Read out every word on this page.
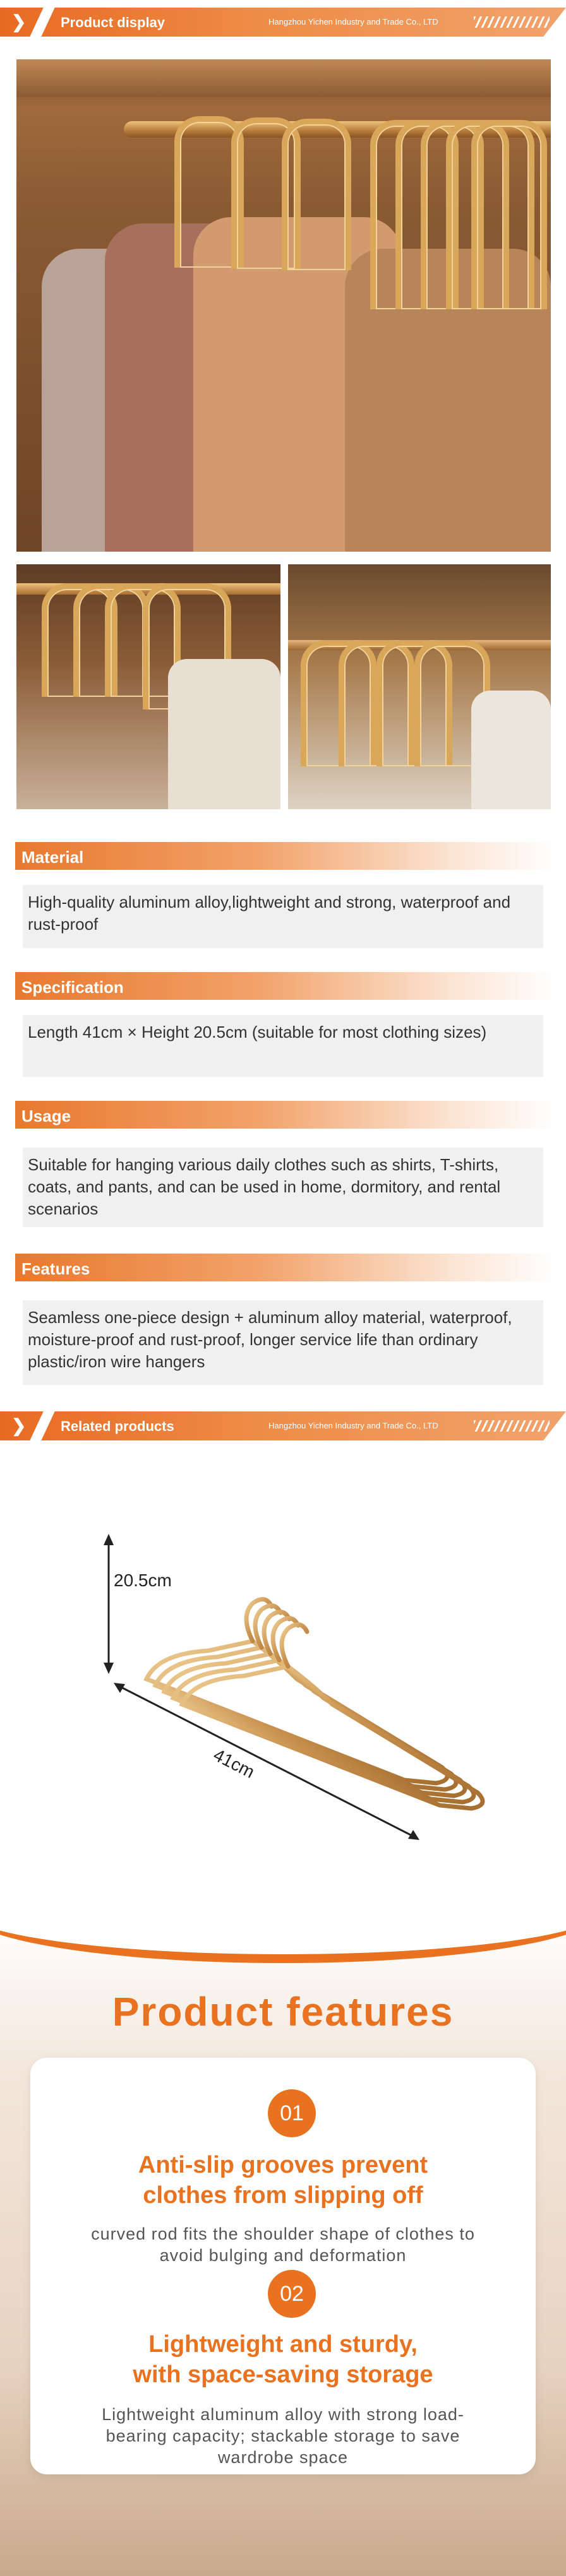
❯ Product display	Hangzhou Yichen Industry and Trade Co., LTD
Material
High-quality aluminum alloy,lightweight and strong, waterproof and rust-proof
Specification
Length 41cm × Height 20.5cm (suitable for most clothing sizes)
Usage
Suitable for hanging various daily clothes such as shirts, T-shirts, coats, and pants, and can be used in home, dormitory, and rental scenarios
Features
Seamless one-piece design + aluminum alloy material, waterproof, moisture-proof and rust-proof, longer service life than ordinary plastic/iron wire hangers
❯ Related products	Hangzhou Yichen Industry and Trade Co., LTD
20.5cm
41cm
Product features
01
Anti-slip grooves prevent
clothes from slipping off
curved rod fits the shoulder shape of clothes to
avoid bulging and deformation
02
Lightweight and sturdy,
with space-saving storage
Lightweight aluminum alloy with strong load-
bearing capacity; stackable storage to save
wardrobe space
